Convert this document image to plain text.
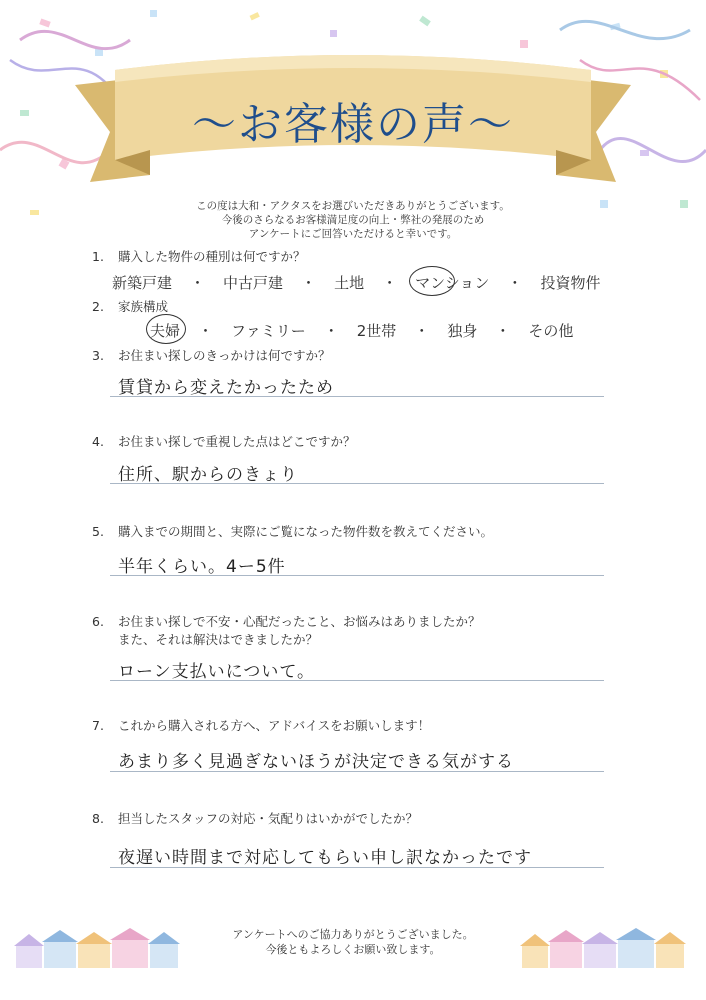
〜お客様の声〜
この度は大和・アクタスをお選びいただきありがとうございます。
今後のさらなるお客様満足度の向上・弊社の発展のため
アンケートにご回答いただけると幸いです。
1. 購入した物件の種別は何ですか？
新築戸建 ・ 中古戸建 ・ 土地 ・ マンション ・ 投資物件
2. 家族構成
夫婦 ・ ファミリー ・ 2世帯 ・ 独身 ・ その他
3. お住まい探しのきっかけは何ですか？
賃貸から変えたかったため
4. お住まい探しで重視した点はどこですか？
住所、駅からのきょり
5. 購入までの期間と、実際にご覧になった物件数を教えてください。
半年くらい。4ー5件
6. お住まい探しで不安・心配だったこと、お悩みはありましたか？
また、それは解決はできましたか？
ローン支払いについて。
7. これから購入される方へ、アドバイスをお願いします！
あまり多く見過ぎないほうが決定できる気がする
8. 担当したスタッフの対応・気配りはいかがでしたか？
夜遅い時間まで対応してもらい申し訳なかったです
アンケートへのご協力ありがとうございました。
今後ともよろしくお願い致します。
